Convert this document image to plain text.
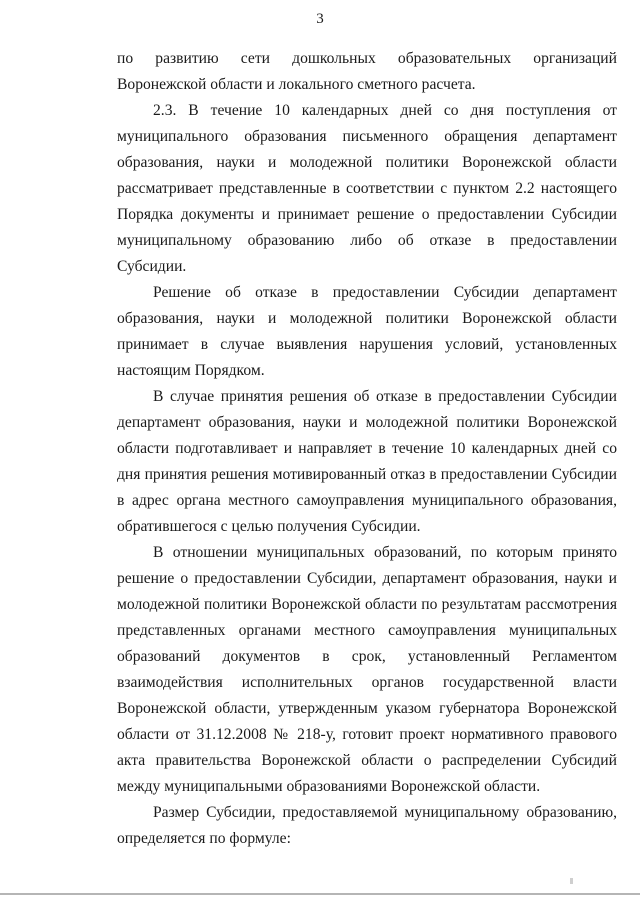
3

по развитию сети дошкольных образовательных организаций Воронежской области и локального сметного расчета.

2.3. В течение 10 календарных дней со дня поступления от муниципального образования письменного обращения департамент образования, науки и молодежной политики Воронежской области рассматривает представленные в соответствии с пунктом 2.2 настоящего Порядка документы и принимает решение о предоставлении Субсидии муниципальному образованию либо об отказе в предоставлении Субсидии.

Решение об отказе в предоставлении Субсидии департамент образования, науки и молодежной политики Воронежской области принимает в случае выявления нарушения условий, установленных настоящим Порядком.

В случае принятия решения об отказе в предоставлении Субсидии департамент образования, науки и молодежной политики Воронежской области подготавливает и направляет в течение 10 календарных дней со дня принятия решения мотивированный отказ в предоставлении Субсидии в адрес органа местного самоуправления муниципального образования, обратившегося с целью получения Субсидии.

В отношении муниципальных образований, по которым принято решение о предоставлении Субсидии, департамент образования, науки и молодежной политики Воронежской области по результатам рассмотрения представленных органами местного самоуправления муниципальных образований документов в срок, установленный Регламентом взаимодействия исполнительных органов государственной власти Воронежской области, утвержденным указом губернатора Воронежской области от 31.12.2008 № 218-у, готовит проект нормативного правового акта правительства Воронежской области о распределении Субсидий между муниципальными образованиями Воронежской области.

Размер Субсидии, предоставляемой муниципальному образованию, определяется по формуле:
